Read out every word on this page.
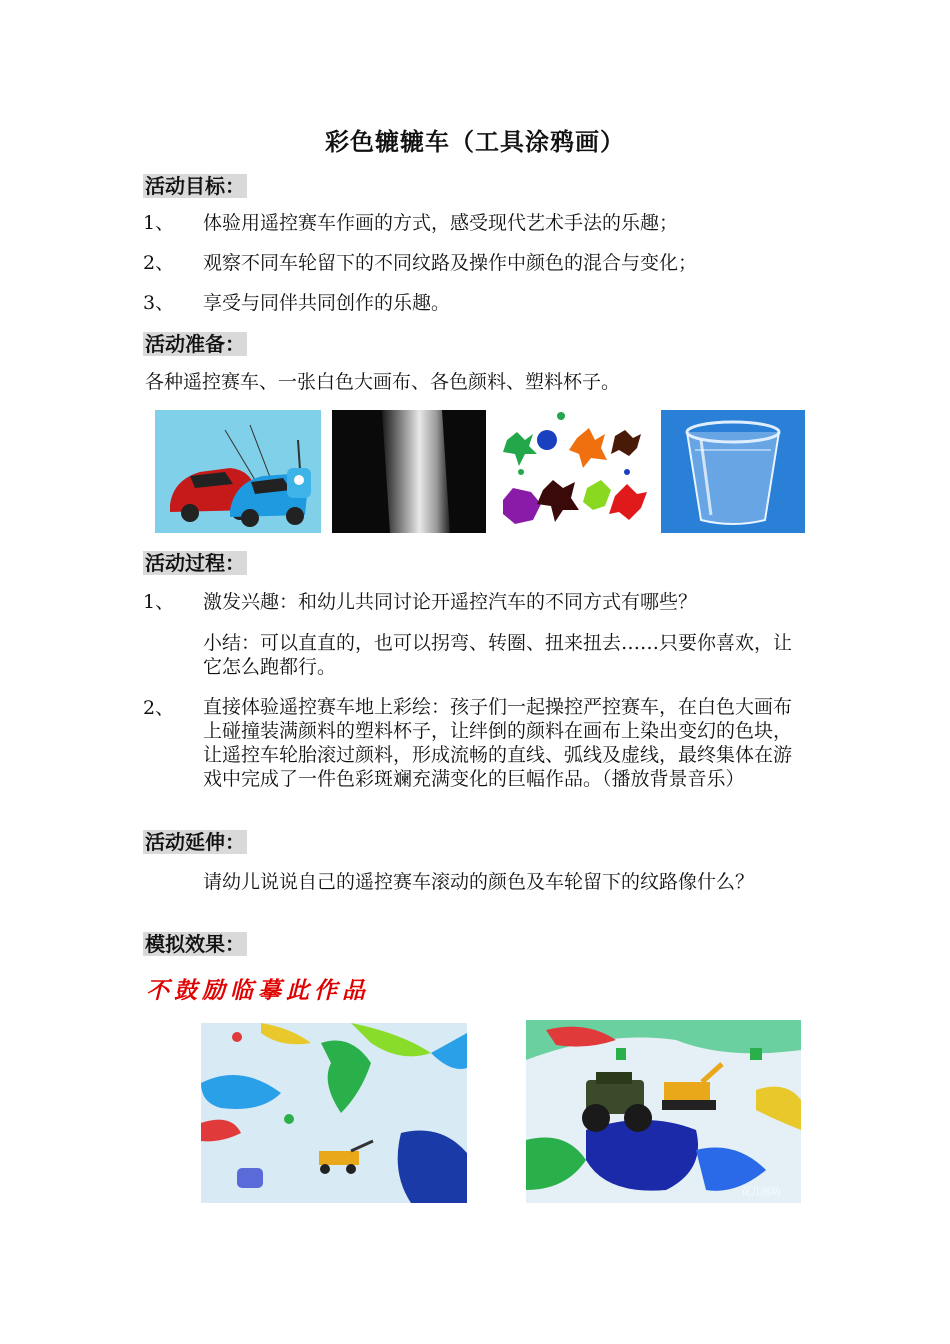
彩色辘辘车（工具涂鸦画）
活动目标：
1、 体验用遥控赛车作画的方式，感受现代艺术手法的乐趣；
2、 观察不同车轮留下的不同纹路及操作中颜色的混合与变化；
3、 享受与同伴共同创作的乐趣。
活动准备：
各种遥控赛车、一张白色大画布、各色颜料、塑料杯子。
活动过程：
1、 激发兴趣：和幼儿共同讨论开遥控汽车的不同方式有哪些？
小结：可以直直的，也可以拐弯、转圈、扭来扭去……只要你喜欢，让它怎么跑都行。
2、 直接体验遥控赛车地上彩绘：孩子们一起操控严控赛车，在白色大画布上碰撞装满颜料的塑料杯子，让绊倒的颜料在画布上染出变幻的色块，让遥控车轮胎滚过颜料，形成流畅的直线、弧线及虚线，最终集体在游戏中完成了一件色彩斑斓充满变化的巨幅作品。（播放背景音乐）
活动延伸：
请幼儿说说自己的遥控赛车滚动的颜色及车轮留下的纹路像什么？
模拟效果：
不鼓励临摹此作品
花儿画坊
